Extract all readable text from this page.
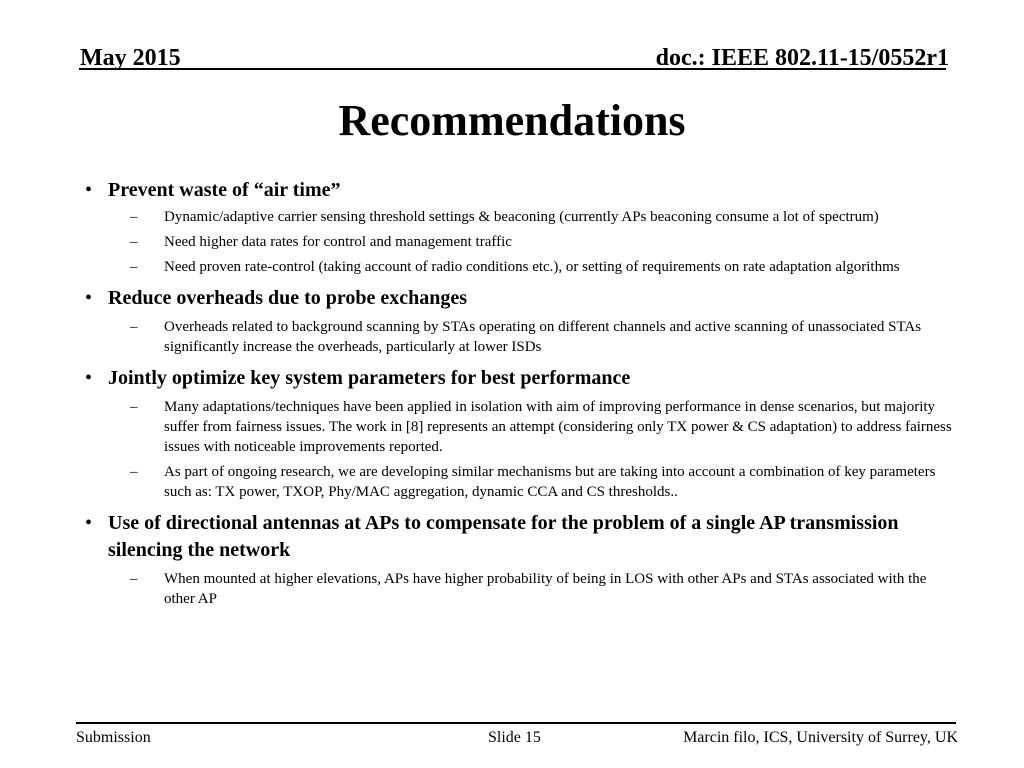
May 2015	doc.: IEEE 802.11-15/0552r1
Recommendations
• Prevent waste of “air time”
– Dynamic/adaptive carrier sensing threshold settings & beaconing (currently APs beaconing consume a lot of spectrum)
– Need higher data rates for control and management traffic
– Need proven rate-control (taking account of radio conditions etc.), or setting of requirements on rate adaptation algorithms
• Reduce overheads due to probe exchanges
– Overheads related to background scanning by STAs operating on different channels and active scanning of unassociated STAs significantly increase the overheads, particularly at lower ISDs
• Jointly optimize key system parameters for best performance
– Many adaptations/techniques have been applied in isolation with aim of improving performance in dense scenarios, but majority suffer from fairness issues. The work in [8] represents an attempt (considering only TX power & CS adaptation) to address fairness issues with noticeable improvements reported.
– As part of ongoing research, we are developing similar mechanisms but are taking into account a combination of key parameters such as: TX power, TXOP, Phy/MAC aggregation, dynamic CCA and CS thresholds..
• Use of directional antennas at APs to compensate for the problem of a single AP transmission silencing the network
– When mounted at higher elevations, APs have higher probability of being in LOS with other APs and STAs associated with the other AP
Submission	Slide 15	Marcin filo, ICS, University of Surrey, UK
